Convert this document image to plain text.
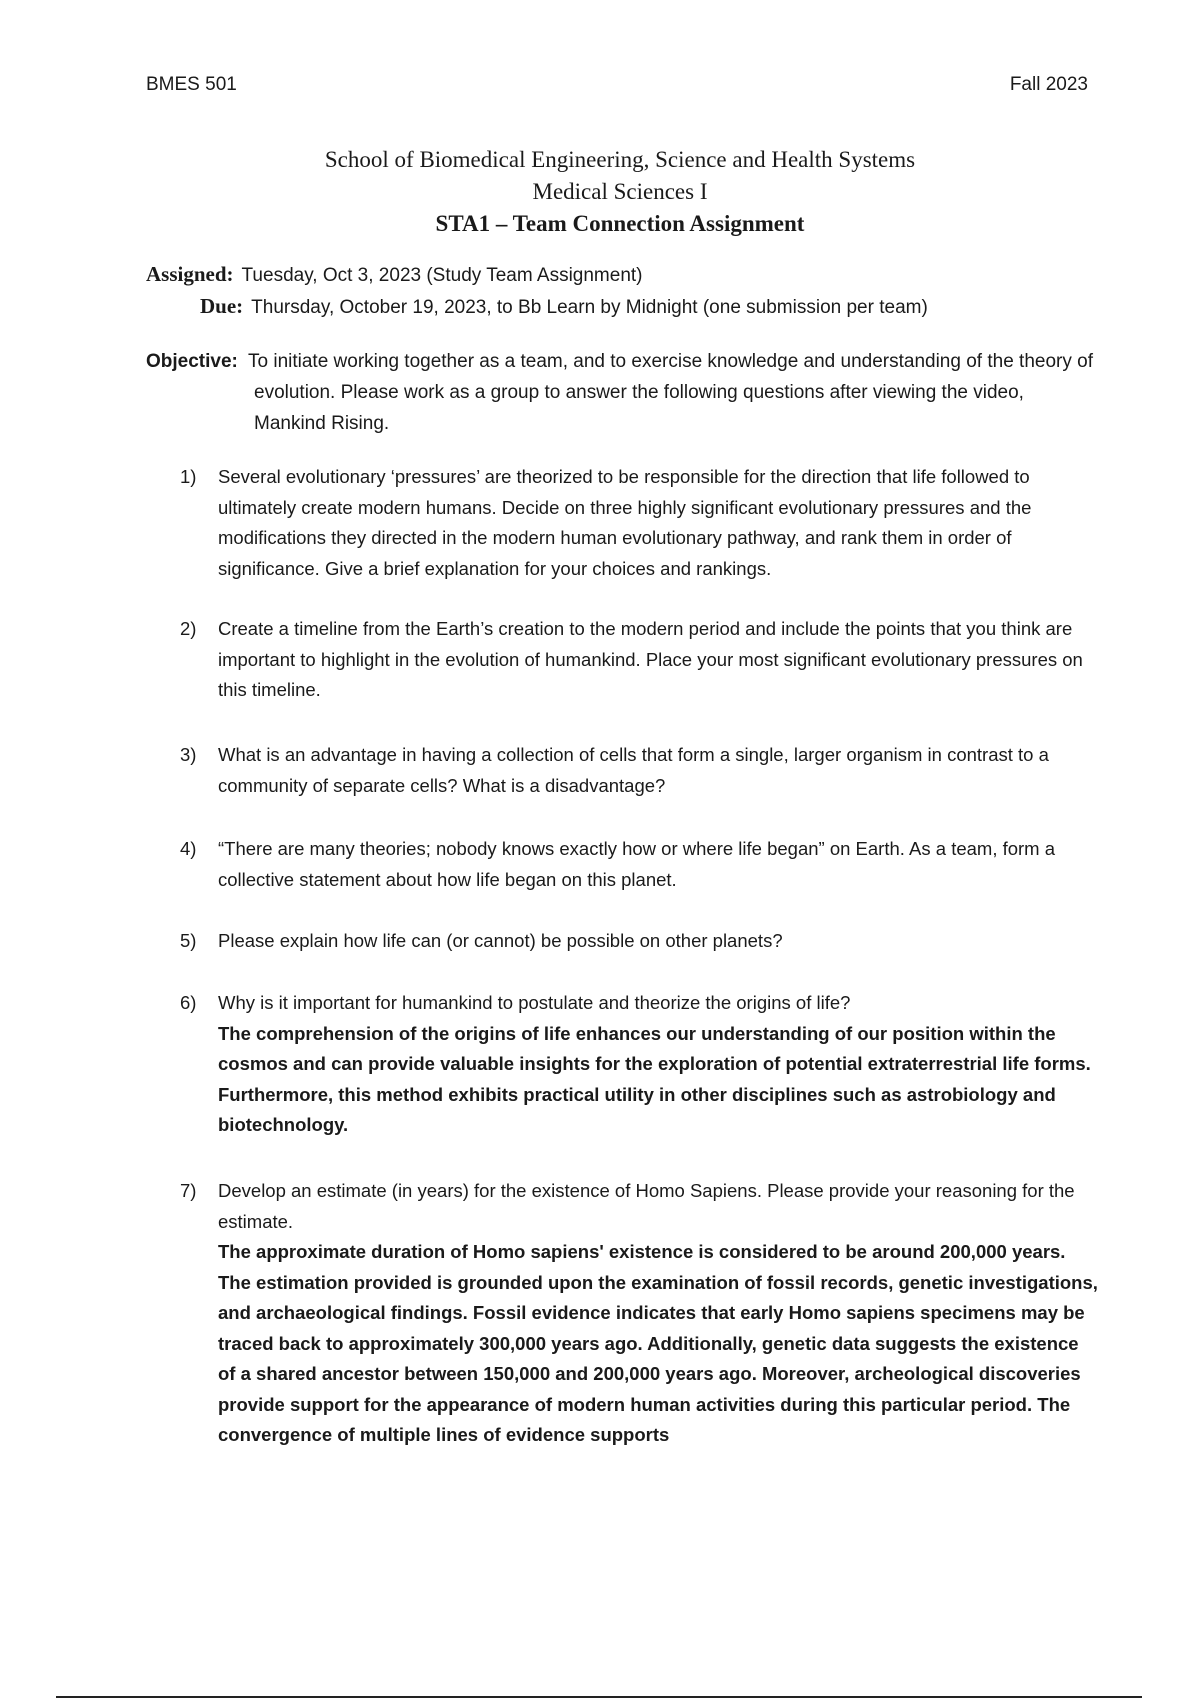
BMES 501	Fall 2023
School of Biomedical Engineering, Science and Health Systems
Medical Sciences I
STA1 – Team Connection Assignment
Assigned: Tuesday, Oct 3, 2023 (Study Team Assignment)
Due: Thursday, October 19, 2023, to Bb Learn by Midnight (one submission per team)
Objective: To initiate working together as a team, and to exercise knowledge and understanding of the theory of evolution. Please work as a group to answer the following questions after viewing the video, Mankind Rising.
1)	Several evolutionary ‘pressures’ are theorized to be responsible for the direction that life followed to ultimately create modern humans. Decide on three highly significant evolutionary pressures and the modifications they directed in the modern human evolutionary pathway, and rank them in order of significance. Give a brief explanation for your choices and rankings.
2)	Create a timeline from the Earth’s creation to the modern period and include the points that you think are important to highlight in the evolution of humankind. Place your most significant evolutionary pressures on this timeline.
3)	What is an advantage in having a collection of cells that form a single, larger organism in contrast to a community of separate cells? What is a disadvantage?
4)	“There are many theories; nobody knows exactly how or where life began” on Earth. As a team, form a collective statement about how life began on this planet.
5)	Please explain how life can (or cannot) be possible on other planets?
6)	Why is it important for humankind to postulate and theorize the origins of life?
The comprehension of the origins of life enhances our understanding of our position within the cosmos and can provide valuable insights for the exploration of potential extraterrestrial life forms. Furthermore, this method exhibits practical utility in other disciplines such as astrobiology and biotechnology.
7)	Develop an estimate (in years) for the existence of Homo Sapiens. Please provide your reasoning for the estimate.
The approximate duration of Homo sapiens' existence is considered to be around 200,000 years. The estimation provided is grounded upon the examination of fossil records, genetic investigations, and archaeological findings. Fossil evidence indicates that early Homo sapiens specimens may be traced back to approximately 300,000 years ago. Additionally, genetic data suggests the existence of a shared ancestor between 150,000 and 200,000 years ago. Moreover, archeological discoveries provide support for the appearance of modern human activities during this particular period. The convergence of multiple lines of evidence supports
